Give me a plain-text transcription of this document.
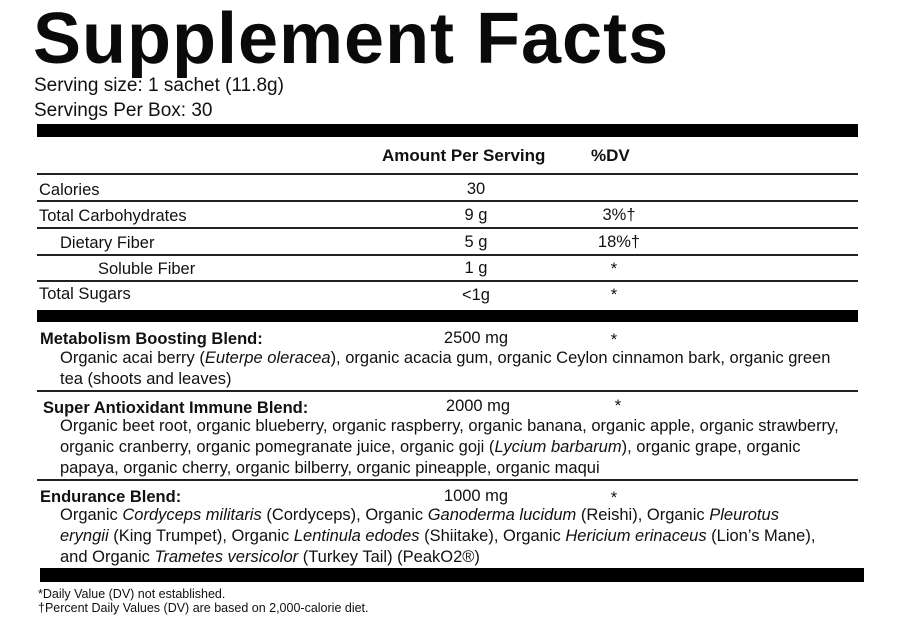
Supplement Facts
Serving size: 1 sachet (11.8g)
Servings Per Box: 30
Amount Per Serving	%DV
Calories	30
Total Carbohydrates	9 g	3%†
Dietary Fiber	5 g	18%†
Soluble Fiber	1 g	*
Total Sugars	<1g	*
Metabolism Boosting Blend:	2500 mg	*
Organic acai berry (Euterpe oleracea), organic acacia gum, organic Ceylon cinnamon bark, organic green tea (shoots and leaves)
Super Antioxidant Immune Blend:	2000 mg	*
Organic beet root, organic blueberry, organic raspberry, organic banana, organic apple, organic strawberry, organic cranberry, organic pomegranate juice, organic goji (Lycium barbarum), organic grape, organic papaya, organic cherry, organic bilberry, organic pineapple, organic maqui
Endurance Blend:	1000 mg	*
Organic Cordyceps militaris (Cordyceps), Organic Ganoderma lucidum (Reishi), Organic Pleurotus eryngii (King Trumpet), Organic Lentinula edodes (Shiitake), Organic Hericium erinaceus (Lion’s Mane), and Organic Trametes versicolor (Turkey Tail) (PeakO2®)
*Daily Value (DV) not established.
†Percent Daily Values (DV) are based on 2,000-calorie diet.
